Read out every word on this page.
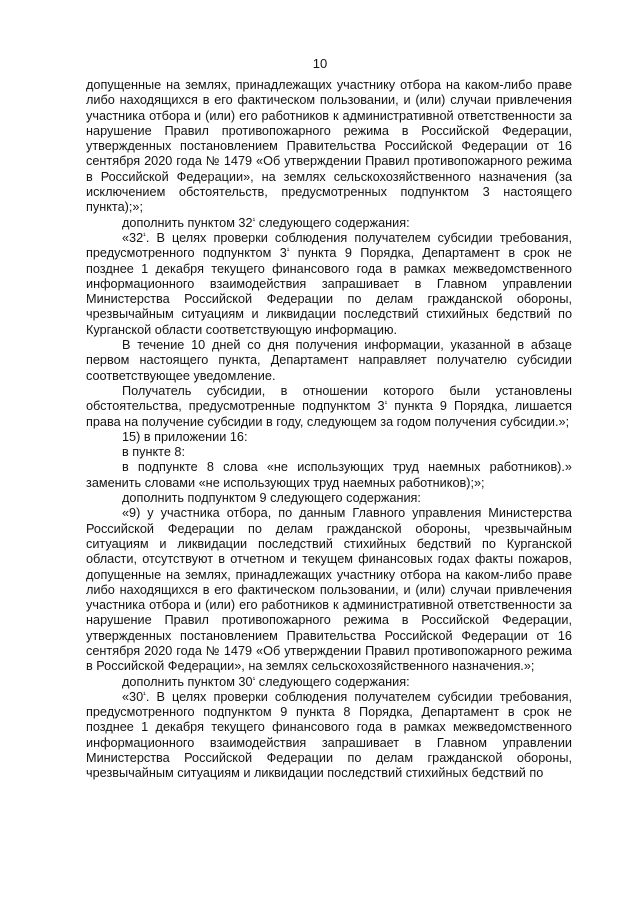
10

допущенные на землях, принадлежащих участнику отбора на каком-либо праве либо находящихся в его фактическом пользовании, и (или) случаи привлечения участника отбора и (или) его работников к административной ответственности за нарушение Правил противопожарного режима в Российской Федерации, утвержденных постановлением Правительства Российской Федерации от 16 сентября 2020 года № 1479 «Об утверждении Правил противопожарного режима в Российской Федерации», на землях сельскохозяйственного назначения (за исключением обстоятельств, предусмотренных подпунктом 3 настоящего пункта);»;

дополнить пунктом $32^{^1}$ следующего содержания:

«$32^{^1}$. В целях проверки соблюдения получателем субсидии требования, предусмотренного подпунктом $3^{^1}$ пункта 9 Порядка, Департамент в срок не позднее 1 декабря текущего финансового года в рамках межведомственного информационного взаимодействия запрашивает в Главном управлении Министерства Российской Федерации по делам гражданской обороны, чрезвычайным ситуациям и ликвидации последствий стихийных бедствий по Курганской области соответствующую информацию.

В течение 10 дней со дня получения информации, указанной в абзаце первом настоящего пункта, Департамент направляет получателю субсидии соответствующее уведомление.

Получатель субсидии, в отношении которого были установлены обстоятельства, предусмотренные подпунктом $3^{^1}$ пункта 9 Порядка, лишается права на получение субсидии в году, следующем за годом получения субсидии.»;

15) в приложении 16:

в пункте 8:

в подпункте 8 слова «не использующих труд наемных работников).» заменить словами «не использующих труд наемных работников);»;

дополнить подпунктом 9 следующего содержания:

«9) у участника отбора, по данным Главного управления Министерства Российской Федерации по делам гражданской обороны, чрезвычайным ситуациям и ликвидации последствий стихийных бедствий по Курганской области, отсутствуют в отчетном и текущем финансовых годах факты пожаров, допущенные на землях, принадлежащих участнику отбора на каком-либо праве либо находящихся в его фактическом пользовании, и (или) случаи привлечения участника отбора и (или) его работников к административной ответственности за нарушение Правил противопожарного режима в Российской Федерации, утвержденных постановлением Правительства Российской Федерации от 16 сентября 2020 года № 1479 «Об утверждении Правил противопожарного режима в Российской Федерации», на землях сельскохозяйственного назначения.»;

дополнить пунктом $30^{^1}$ следующего содержания:

«$30^{^1}$. В целях проверки соблюдения получателем субсидии требования, предусмотренного подпунктом 9 пункта 8 Порядка, Департамент в срок не позднее 1 декабря текущего финансового года в рамках межведомственного информационного взаимодействия запрашивает в Главном управлении Министерства Российской Федерации по делам гражданской обороны, чрезвычайным ситуациям и ликвидации последствий стихийных бедствий по
